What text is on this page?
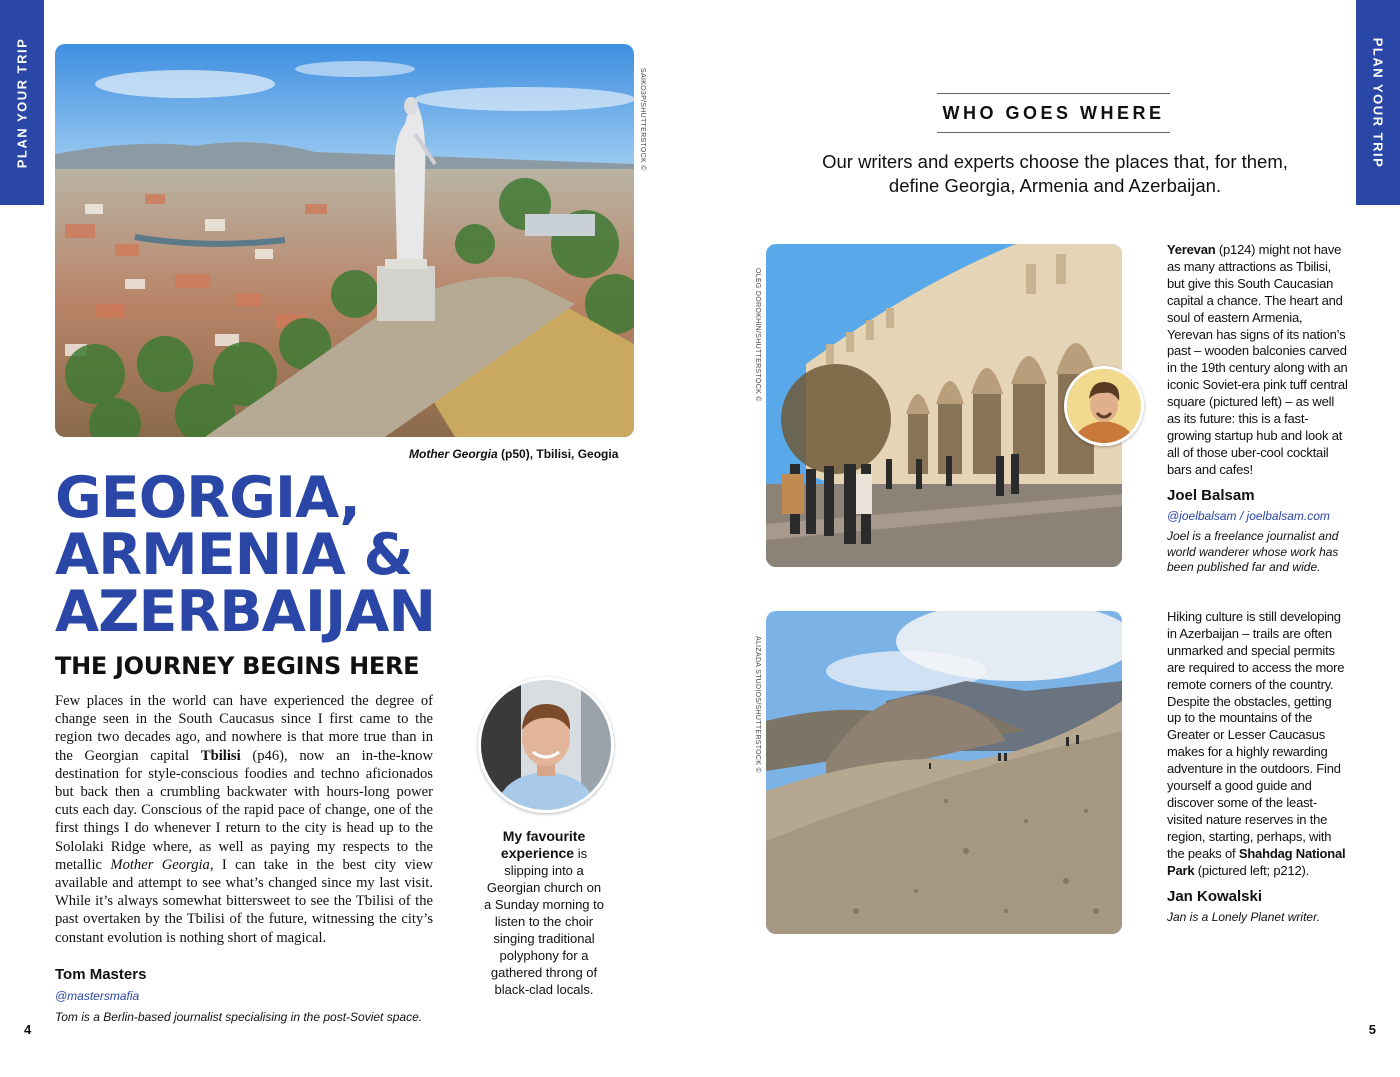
PLAN YOUR TRIP	PLAN YOUR TRIP
SAIKO3P/SHUTTERSTOCK ©
Mother Georgia (p50), Tbilisi, Geogia
GEORGIA,
ARMENIA &
AZERBAIJAN
THE JOURNEY BEGINS HERE

Few places in the world can have experienced the degree of change seen in the South Caucasus since I first came to the region two decades ago, and nowhere is that more true than in the Georgian capital Tbilisi (p46), now an in-the-know destination for style-conscious foodies and techno aficionados but back then a crumbling backwater with hours-long power cuts each day. Conscious of the rapid pace of change, one of the first things I do whenever I return to the city is head up to the Sololaki Ridge where, as well as paying my respects to the metallic Mother Georgia, I can take in the best city view available and attempt to see what’s changed since my last visit. While it’s always somewhat bittersweet to see the Tbilisi of the past overtaken by the Tbilisi of the future, witnessing the city’s constant evolution is nothing short of magical.

Tom Masters
@mastersmafia
Tom is a Berlin-based journalist specialising in the post-Soviet space.
My favourite experience is slipping into a Georgian church on a Sunday morning to listen to the choir singing traditional polyphony for a gathered throng of black-clad locals.
4
WHO GOES WHERE
Our writers and experts choose the places that, for them, define Georgia, Armenia and Azerbaijan.
OLEG DOROKHIN/SHUTTERSTOCK ©
Yerevan (p124) might not have as many attractions as Tbilisi, but give this South Caucasian capital a chance. The heart and soul of eastern Armenia, Yerevan has signs of its nation’s past – wooden balconies carved in the 19th century along with an iconic Soviet-era pink tuff central square (pictured left) – as well as its future: this is a fast-growing startup hub and look at all of those uber-cool cocktail bars and cafes!
Joel Balsam
@joelbalsam / joelbalsam.com
Joel is a freelance journalist and world wanderer whose work has been published far and wide.
ALIZADA STUDIOS/SHUTTERSTOCK ©
Hiking culture is still developing in Azerbaijan – trails are often unmarked and special permits are required to access the more remote corners of the country. Despite the obstacles, getting up to the mountains of the Greater or Lesser Caucasus makes for a highly rewarding adventure in the outdoors. Find yourself a good guide and discover some of the least-visited nature reserves in the region, starting, perhaps, with the peaks of Shahdag National Park (pictured left; p212).
Jan Kowalski
Jan is a Lonely Planet writer.
5
